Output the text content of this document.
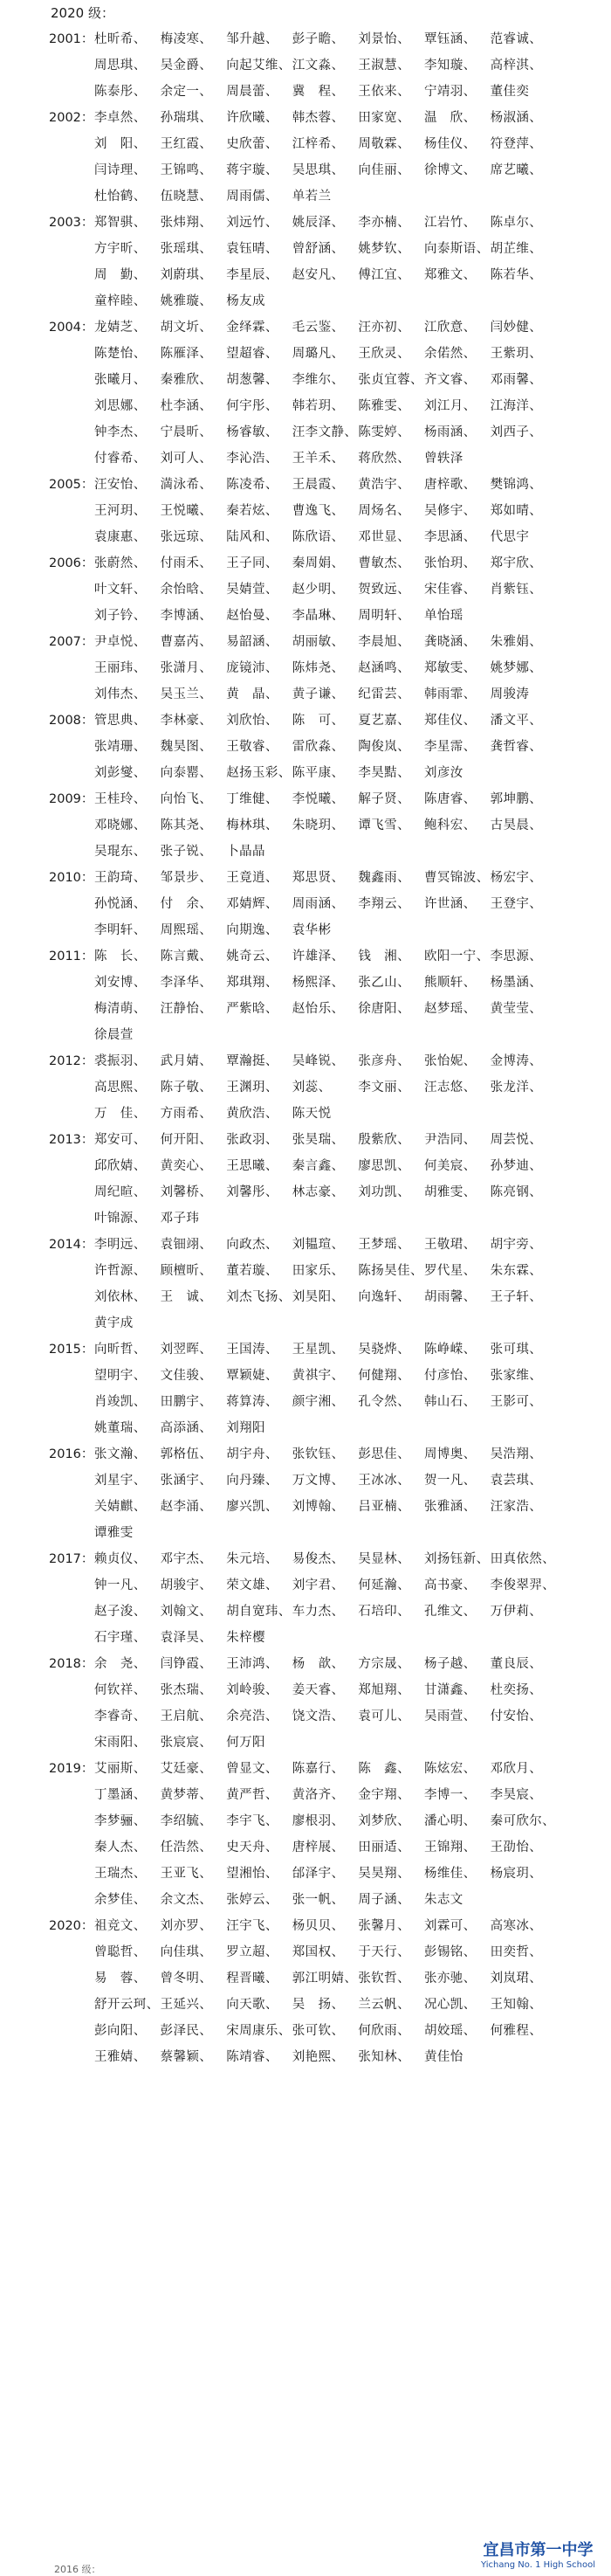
2020 级：
2001： 杜昕希、	梅凌寒、	邹升越、	彭子瞻、	刘景怡、	覃钰涵、	范睿诚、
周思琪、	吴金爵、	向起艾维、 江文淼、	王淑慧、	李知璇、	高梓淇、
陈泰彤、	余定一、	周晨蕾、	冀　程、	王依来、	宁靖羽、	董佳奕
2002： 李卓然、	孙瑞琪、	许欣曦、	韩杰蓉、	田家宽、	温　欣、	杨淑涵、
刘　阳、	王红霞、	史欣蕾、	江梓希、	周敬霖、	杨佳仪、	符登萍、
闫诗理、	王锦鸣、	蒋宇璇、	吴思琪、	向佳丽、	徐博文、	席艺曦、
杜怡鹤、	伍晓慧、	周雨儒、	单若兰
2003： 郑智骐、	张炜翔、	刘远竹、	姚辰泽、	李亦楠、	江岩竹、	陈卓尔、
方宇昕、	张瑶琪、	袁钰晴、	曾舒涵、	姚梦钦、	向泰斯语、 胡芷维、
周　勤、	刘蔚琪、	李星辰、	赵安凡、	傅江宜、	郑雅文、	陈若华、
童梓睦、	姚雅璇、	杨友成
2004： 龙婧芝、	胡文圻、	金绎霖、	毛云鉴、	汪亦初、	江欣意、	闫妙健、
陈楚怡、	陈雁泽、	望超睿、	周璐凡、	王欣灵、	余偌然、	王紫玥、
张曦月、	秦雅欣、	胡葱馨、	李维尔、	张贞宜蓉、 齐文睿、	邓雨馨、
刘思娜、	杜李涵、	何宇彤、	韩若玥、	陈雅雯、	刘江月、	江海洋、
钟李杰、	宁晨昕、	杨睿敏、	汪李文静、 陈雯婷、	杨雨涵、	刘西子、
付睿希、	刘可人、	李沁浩、	王羊禾、	蒋欣然、	曾轶泽
2005： 汪安怡、	満泳希、	陈凌希、	王晨霞、	黄浩宇、	唐梓歌、	樊锦鸿、
王河玥、	王悦曦、	秦若炫、	曹逸飞、	周炀名、	吴修宇、	郑如晴、
袁康惠、	张远琼、	陆风和、	陈欣语、	邓世显、	李思涵、	代思宇
2006： 张蔚然、	付雨禾、	王子同、	秦周娟、	曹敏杰、	张怡玥、	郑宇欣、
叶文轩、	余怡晗、	吴婧萱、	赵少明、	贺致远、	宋佳睿、	肖紫钰、
刘子钤、	李博涵、	赵怡曼、	李晶琳、	周明轩、	单怡瑶
2007： 尹卓悦、	曹嘉芮、	易韶涵、	胡丽敏、	李晨旭、	龚晓涵、	朱雅娟、
王丽玮、	张潇月、	庞镜沛、	陈炜尧、	赵涵鸣、	郑敏雯、	姚梦娜、
刘伟杰、	吴玉兰、	黄　晶、	黄子谦、	纪雷芸、	韩雨霏、	周骏涛
2008： 管思典、	李林豪、	刘欣怡、	陈　可、	夏艺嘉、	郑佳仪、	潘文平、
张靖珊、	魏昊图、	王敬睿、	雷欣淼、	陶俊岚、	李星霈、	龚哲睿、
刘彭燮、	向泰罂、	赵扬玉彩、 陈平康、	李昊黠、	刘彦汝
2009： 王桂玲、	向怡飞、	丁维健、	李悦曦、	解子贤、	陈唐睿、	郭坤鹏、
邓晓娜、	陈其尧、	梅林琪、	朱晓玥、	谭飞雪、	鲍科宏、	古昊晨、
吴琨东、	张子锐、	卜晶晶
2010： 王韵琦、	邹景步、	王竟逍、	郑思贤、	魏鑫雨、	曹冥锦波、 杨宏宇、
孙悦涵、	付　余、	邓婧辉、	周雨涵、	李翔云、	许世涵、	王登宇、
李明轩、	周熙瑶、	向期逸、	袁华彬
2011： 陈　长、	陈言戴、	姚奇云、	许雄泽、	钱　湘、	欧阳一宁、 李思源、
刘安博、	李泽华、	郑琪翔、	杨熙泽、	张乙山、	熊顺轩、	杨墨涵、
梅清萌、	汪静怡、	严紫晗、	赵怡乐、	徐唐阳、	赵梦瑶、	黄莹莹、
徐晨萱
2012： 裘振羽、	武月婧、	覃瀚挺、	吴峰锐、	张彦舟、	张怡妮、	金博涛、
高思熙、	陈子敬、	王渊玥、	刘蕊、	李文丽、	汪志悠、	张龙洋、
万　佳、	方雨希、	黄欣浩、	陈天悦
2013： 郑安可、	何开阳、	张政羽、	张昊瑞、	殷紫欣、	尹浩同、	周芸悦、
邱欣婧、	黄奕心、	王思曦、	秦言鑫、	廖思凯、	何美宸、	孙梦迪、
周纪暄、	刘馨桥、	刘馨彤、	林志豪、	刘功凯、	胡雅雯、	陈亮钢、
叶锦源、	邓子玮
2014： 李明远、	袁钿翊、	向政杰、	刘韫瑄、	王梦瑶、	王敬珺、	胡宇旁、
许哲源、	顾檀昕、	董若璇、	田家乐、	陈扬昊佳、 罗代星、	朱东霖、
刘依林、	王　诚、	刘杰飞扬、 刘昊阳、	向逸轩、	胡雨馨、	王子轩、
黄宇成
2015： 向昕哲、	刘翌晖、	王国涛、	王星凯、	吴骁烨、	陈峥嵘、	张可琪、
望明宇、	文佳骏、	覃颖婕、	黄祺宇、	何健翔、	付彦怡、	张家维、
肖竣凯、	田鹏宇、	蒋算涛、	颜宇湘、	孔令然、	韩山石、	王影可、
姚董瑞、	高添涵、	刘翔阳
2016： 张文瀚、	郭格伍、	胡宇舟、	张钦钰、	彭思佳、	周博奥、	吴浩翔、
刘星宇、	张涵宇、	向丹臻、	万文博、	王冰冰、	贺一凡、	袁芸琪、
关婧麒、	赵李涌、	廖兴凯、	刘博翰、	吕亚楠、	张雅涵、	汪家浩、
谭雅雯
2017： 赖贞仪、	邓宇杰、	朱元培、	易俊杰、	吴显林、	刘扬钰新、 田真依然、
钟一凡、	胡骏宇、	荣文雄、	刘宇君、	何延瀚、	高书豪、	李俊翠羿、
赵子浚、	刘翰文、	胡自宽玮、 车力杰、	石培印、	孔维文、	万伊莉、
石宇瑾、	袁泽昊、	朱梓樱
2018： 余　尧、	闫铮霞、	王沛鸿、	杨　歆、	方宗晟、	杨子越、	董良辰、
何钦祥、	张杰瑞、	刘岭骏、	姜天睿、	郑旭翔、	甘潇鑫、	杜奕扬、
李睿奇、	王启航、	余亮浩、	饶文浩、	袁可儿、	吴雨萱、	付安怡、
宋雨阳、	张宸宸、	何万阳
2019： 艾丽斯、	艾廷豪、	曾显文、	陈嘉行、	陈　鑫、	陈炫宏、	邓欣月、
丁墨涵、	黄梦蒂、	黄严哲、	黄洛齐、	金宇翔、	李博一、	李昊宸、
李梦骊、	李绍毓、	李宇飞、	廖根羽、	刘梦欣、	潘心明、	秦可欣尔、
秦人杰、	任浩然、	史天舟、	唐梓展、	田丽适、	王锦翔、	王劭怡、
王瑞杰、	王亚飞、	望湘怡、	邰泽宇、	吴昊翔、	杨维佳、	杨宸玥、
余梦佳、	余文杰、	张婷云、	张一帆、	周子涵、	朱志文
2020： 祖竞文、	刘亦罗、	汪宇飞、	杨贝贝、	张馨月、	刘霖可、	高寒冰、
曾聪哲、	向佳琪、	罗立超、	郑国权、	于天行、	彭锡铭、	田奕哲、
易　蓉、	曾冬明、	程晋曦、	郭江明婧、 张钦哲、	张亦驰、	刘岚珺、
舒开云珂、 王延兴、	向天歌、	吴　扬、	兰云帆、	况心凯、	王知翰、
彭向阳、	彭泽民、	宋周康乐、 张可钦、	何欣雨、	胡姣瑶、	何雅程、
王雅婧、	蔡馨颖、	陈靖睿、	刘艳熙、	张知林、	黄佳怡
2016 级：
宜昌市第一中学
Yichang No. 1 High School
